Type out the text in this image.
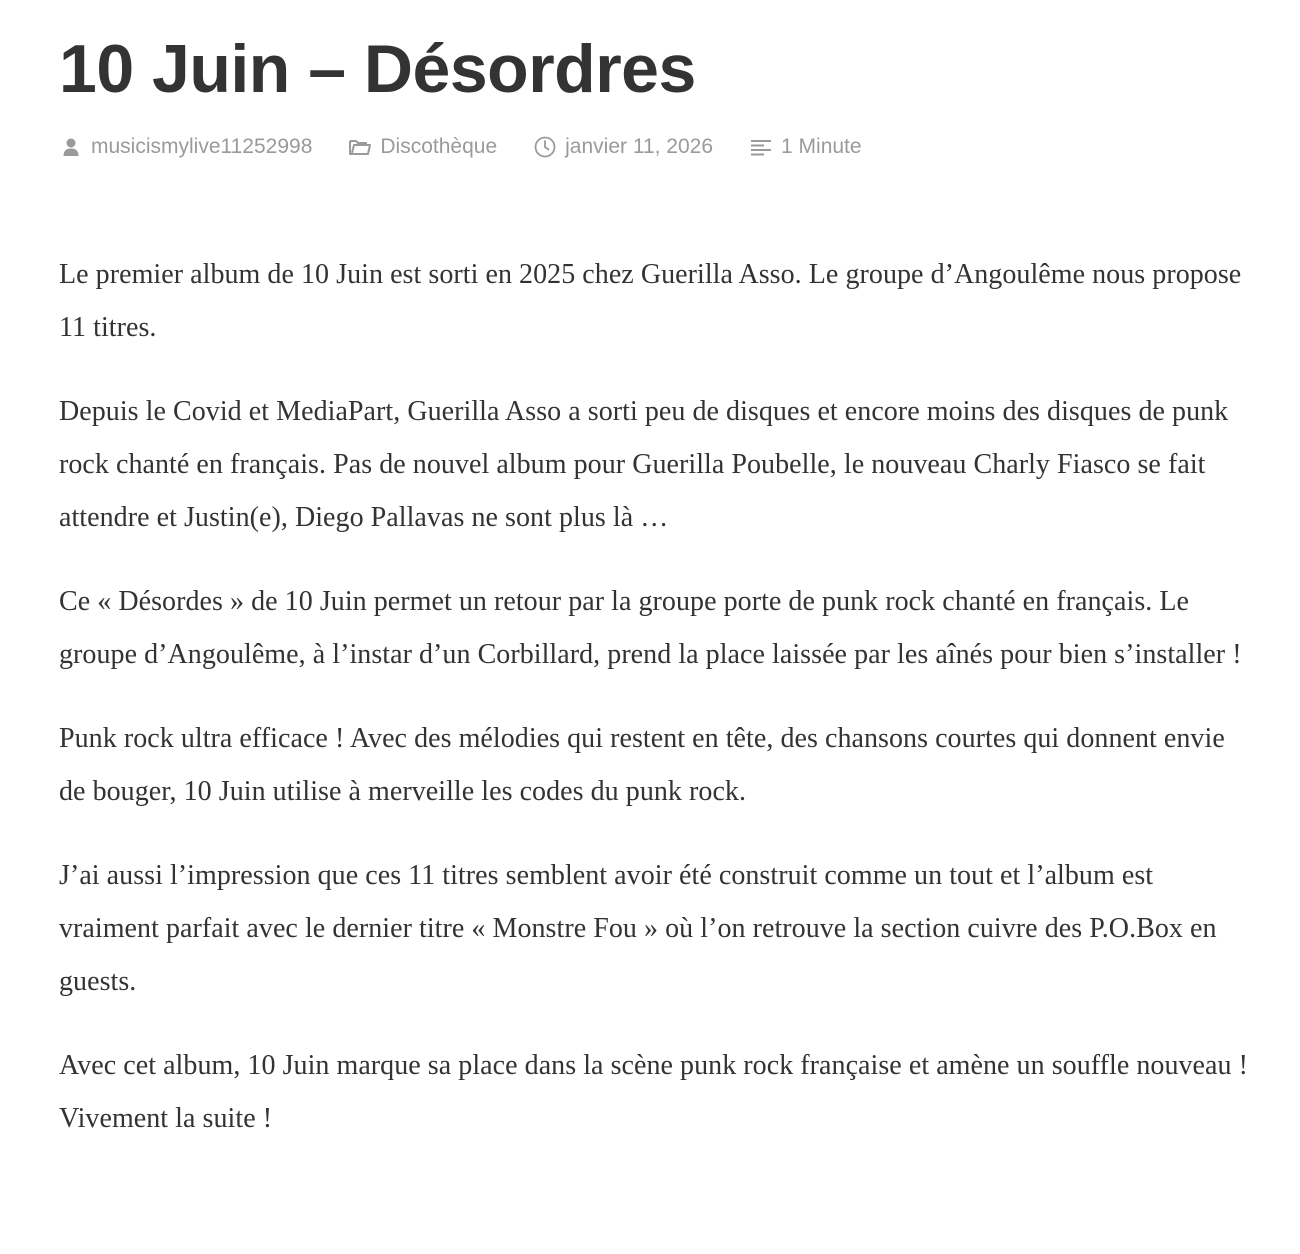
10 Juin – Désordres
musicismylive11252998	Discothèque	janvier 11, 2026	1 Minute

Le premier album de 10 Juin est sorti en 2025 chez Guerilla Asso. Le groupe d’Angoulême nous propose 11 titres.

Depuis le Covid et MediaPart, Guerilla Asso a sorti peu de disques et encore moins des disques de punk rock chanté en français. Pas de nouvel album pour Guerilla Poubelle, le nouveau Charly Fiasco se fait attendre et Justin(e), Diego Pallavas ne sont plus là …

Ce « Désordes » de 10 Juin permet un retour par la groupe porte de punk rock chanté en français. Le groupe d’Angoulême, à l’instar d’un Corbillard, prend la place laissée par les aînés pour bien s’installer !

Punk rock ultra efficace ! Avec des mélodies qui restent en tête, des chansons courtes qui donnent envie de bouger, 10 Juin utilise à merveille les codes du punk rock.

J’ai aussi l’impression que ces 11 titres semblent avoir été construit comme un tout et l’album est vraiment parfait avec le dernier titre « Monstre Fou » où l’on retrouve la section cuivre des P.O.Box en guests.

Avec cet album, 10 Juin marque sa place dans la scène punk rock française et amène un souffle nouveau ! Vivement la suite !
